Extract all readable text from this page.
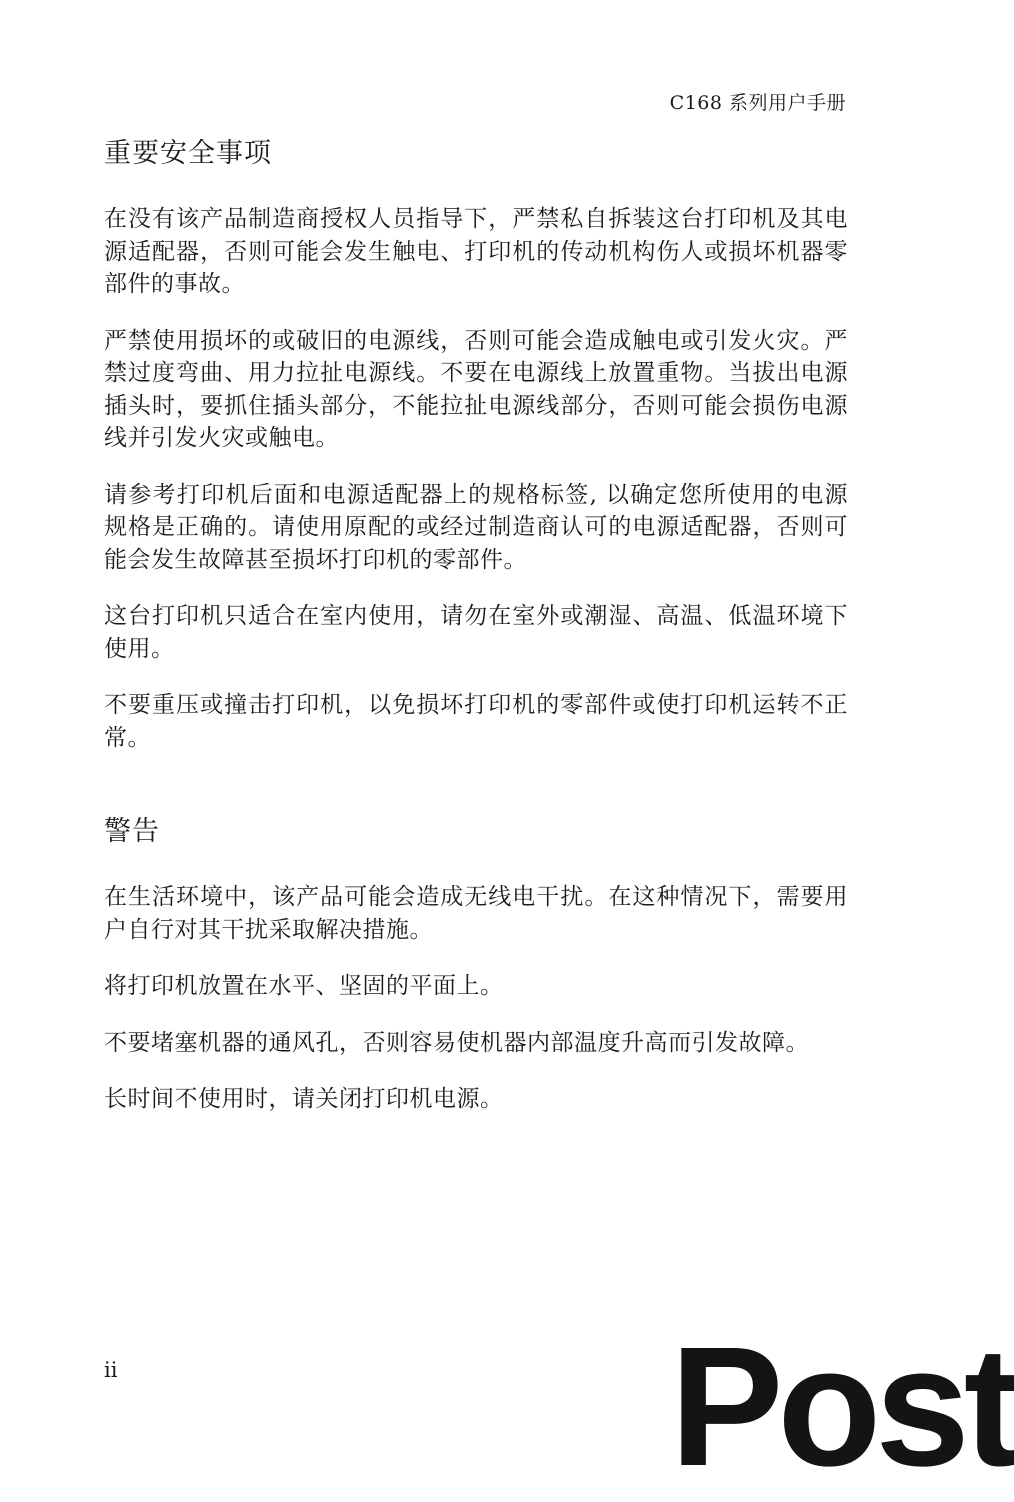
C168 系列用户手册
重要安全事项

在没有该产品制造商授权人员指导下，严禁私自拆装这台打印机及其电源适配器，否则可能会发生触电、打印机的传动机构伤人或损坏机器零部件的事故。

严禁使用损坏的或破旧的电源线，否则可能会造成触电或引发火灾。严禁过度弯曲、用力拉扯电源线。不要在电源线上放置重物。当拔出电源插头时，要抓住插头部分，不能拉扯电源线部分，否则可能会损伤电源线并引发火灾或触电。

请参考打印机后面和电源适配器上的规格标签, 以确定您所使用的电源规格是正确的。请使用原配的或经过制造商认可的电源适配器，否则可能会发生故障甚至损坏打印机的零部件。

这台打印机只适合在室内使用，请勿在室外或潮湿、高温、低温环境下使用。

不要重压或撞击打印机，以免损坏打印机的零部件或使打印机运转不正常。

警告

在生活环境中，该产品可能会造成无线电干扰。在这种情况下，需要用户自行对其干扰采取解决措施。

将打印机放置在水平、坚固的平面上。

不要堵塞机器的通风孔，否则容易使机器内部温度升高而引发故障。

长时间不使用时，请关闭打印机电源。

ii	Post
